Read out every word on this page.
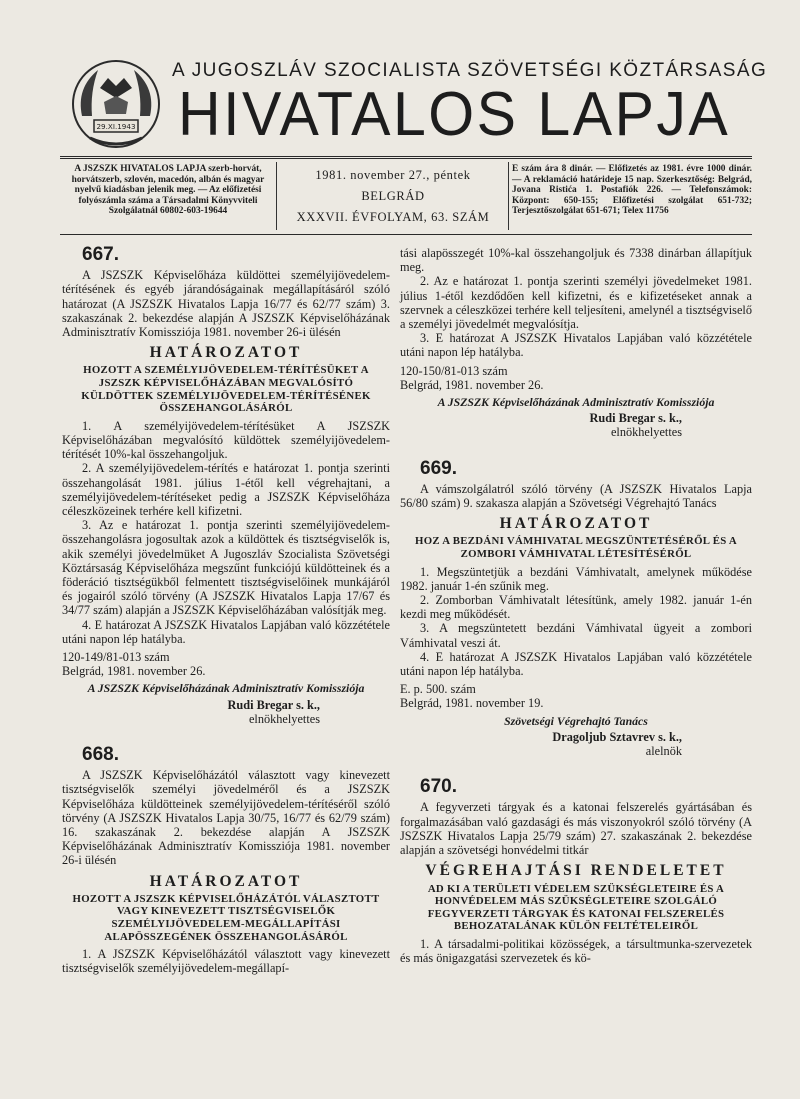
29.XI.1943
A JUGOSZLÁV SZOCIALISTA SZÖVETSÉGI KÖZTÁRSASÁG
HIVATALOS LAPJA
A JSZSZK HIVATALOS LAPJA szerb-horvát, horvátszerb, szlovén, macedón, albán és magyar nyelvű kiadásban jelenik meg. — Az előfizetési folyószámla száma a Társadalmi Könyvviteli Szolgálatnál 60802-603-19644
1981. november 27., péntek
BELGRÁD
XXXVII. ÉVFOLYAM, 63. SZÁM
E szám ára 8 dinár. — Előfizetés az 1981. évre 1000 dinár. — A reklamáció határideje 15 nap. Szerkesztőség: Belgrád, Jovana Ristića 1. Postafiók 226. — Telefonszámok: Központ: 650-155; Előfizetési szolgálat 651-732; Terjesztőszolgálat 651-671; Telex 11756
667.

A JSZSZK Képviselőháza küldöttei személyijövedelem-térítésének és egyéb járandóságainak megállapításáról szóló határozat (A JSZSZK Hivatalos Lapja 16/77 és 62/77 szám) 3. szakaszának 2. bekezdése alapján A JSZSZK Képviselőházának Adminisztratív Komissziója 1981. november 26-i ülésén

HATÁROZATOT
HOZOTT A SZEMÉLYIJÖVEDELEM-TÉRÍTÉSÜKET A JSZSZK KÉPVISELŐHÁZÁBAN MEGVALÓSÍTÓ KÜLDÖTTEK SZEMÉLYIJÖVEDELEM-TÉRÍTÉSÉNEK ÖSSZEHANGOLÁSÁRÓL

1. A személyijövedelem-térítésüket A JSZSZK Képviselőházában megvalósító küldöttek személyijövedelem-térítését 10%-kal összehangoljuk.

2. A személyijövedelem-térítés e határozat 1. pontja szerinti összehangolását 1981. július 1-étől kell végrehajtani, a személyijövedelem-térítéseket pedig a JSZSZK Képviselőháza céleszközeinek terhére kell kifizetni.

3. Az e határozat 1. pontja szerinti személyijövedelem-összehangolásra jogosultak azok a küldöttek és tisztségviselők is, akik személyi jövedelmüket A Jugoszláv Szocialista Szövetségi Köztársaság Képviselőháza megszűnt funkciójú küldötteinek és a föderáció tisztségükből felmentett tisztségviselőinek munkájáról és jogairól szóló törvény (A JSZSZK Hivatalos Lapja 17/67 és 34/77 szám) alapján a JSZSZK Képviselőházában valósítják meg.

4. E határozat A JSZSZK Hivatalos Lapjában való közzététele utáni napon lép hatályba.

120-149/81-013 szám

Belgrád, 1981. november 26.

A JSZSZK Képviselőházának Adminisztratív Komissziója
Rudi Bregar s. k.,
elnökhelyettes
668.

A JSZSZK Képviselőházától választott vagy kinevezett tisztségviselők személyi jövedelméről és a JSZSZK Képviselőháza küldötteinek személyijövedelem-térítéséről szóló törvény (A JSZSZK Hivatalos Lapja 30/75, 16/77 és 62/79 szám) 16. szakaszának 2. bekezdése alapján A JSZSZK Képviselőházának Adminisztratív Komissziója 1981. november 26-i ülésén

HATÁROZATOT
HOZOTT A JSZSZK KÉPVISELŐHÁZÁTÓL VÁLASZTOTT VAGY KINEVEZETT TISZTSÉGVISELŐK SZEMÉLYIJÖVEDELEM-MEGÁLLAPÍTÁSI ALAPÖSSZEGÉNEK ÖSSZEHANGOLÁSÁRÓL

1. A JSZSZK Képviselőházától választott vagy kinevezett tisztségviselők személyijövedelem-megállapí-

tási alapösszegét 10%-kal összehangoljuk és 7338 dinárban állapítjuk meg.

2. Az e határozat 1. pontja szerinti személyi jövedelmeket 1981. július 1-étől kezdődően kell kifizetni, és e kifizetéseket annak a szervnek a céleszközei terhére kell teljesíteni, amelynél a tisztségviselő a személyi jövedelmét megvalósítja.

3. E határozat A JSZSZK Hivatalos Lapjában való közzététele utáni napon lép hatályba.

120-150/81-013 szám

Belgrád, 1981. november 26.

A JSZSZK Képviselőházának Adminisztratív Komissziója
Rudi Bregar s. k.,
elnökhelyettes
669.

A vámszolgálatról szóló törvény (A JSZSZK Hivatalos Lapja 56/80 szám) 9. szakasza alapján a Szövetségi Végrehajtó Tanács

HATÁROZATOT
HOZ A BEZDÁNI VÁMHIVATAL MEGSZÜNTETÉSÉRŐL ÉS A ZOMBORI VÁMHIVATAL LÉTESÍTÉSÉRŐL

1. Megszüntetjük a bezdáni Vámhivatalt, amelynek működése 1982. január 1-én szűnik meg.

2. Zomborban Vámhivatalt létesítünk, amely 1982. január 1-én kezdi meg működését.

3. A megszüntetett bezdáni Vámhivatal ügyeit a zombori Vámhivatal veszi át.

4. E határozat A JSZSZK Hivatalos Lapjában való közzététele utáni napon lép hatályba.

E. p. 500. szám

Belgrád, 1981. november 19.

Szövetségi Végrehajtó Tanács
Dragoljub Sztavrev s. k.,
alelnök
670.

A fegyverzeti tárgyak és a katonai felszerelés gyártásában és forgalmazásában való gazdasági és más viszonyokról szóló törvény (A JSZSZK Hivatalos Lapja 25/79 szám) 27. szakaszának 2. bekezdése alapján a szövetségi honvédelmi titkár

VÉGREHAJTÁSI RENDELETET
AD KI A TERÜLETI VÉDELEM SZÜKSÉGLETEIRE ÉS A HONVÉDELEM MÁS SZÜKSÉGLETEIRE SZOLGÁLÓ FEGYVERZETI TÁRGYAK ÉS KATONAI FELSZERELÉS BEHOZATALÁNAK KÜLÖN FELTÉTELEIRŐL

1. A társadalmi-politikai közösségek, a társultmunka-szervezetek és más önigazgatási szervezetek és kö-
